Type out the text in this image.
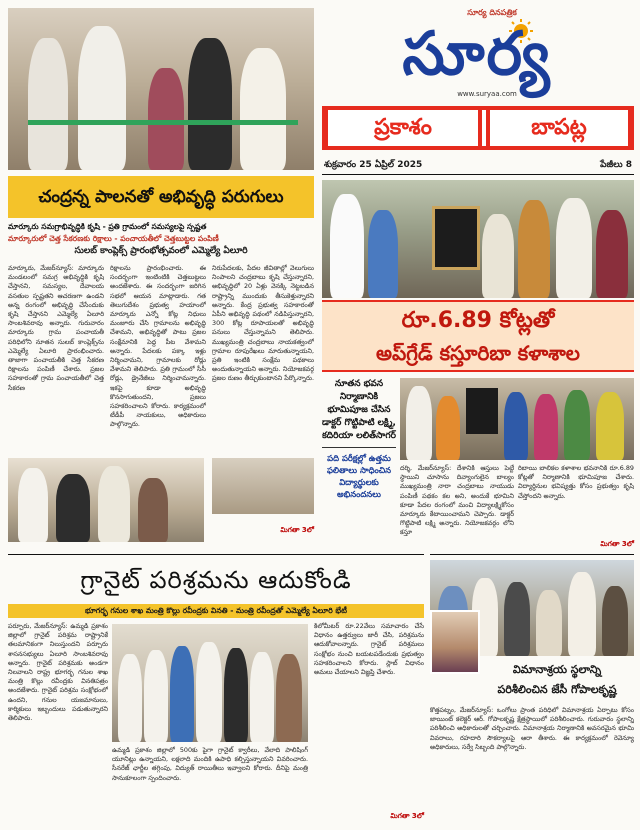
సూర్య దినపత్రిక
సూర్య
www.suryaa.com
ప్రకాశం	బాపట్ల
శుక్రవారం 25 ఏప్రిల్ 2025	పేజీలు 8
చంద్రన్న పాలనతో అభివృద్ధి పరుగులు
మార్కూరు సమగ్రాభివృద్ధికి కృషి - ప్రతి గ్రామంలో సమస్యలపై స్పష్టత
మార్కూరులో చెత్త సేకరణకు రిక్షాలు - పంచాయతీలో చెత్తబుట్టల పంపిణీ
సులబ్ కాంప్లెక్స్ ప్రారంభోత్సవంలో ఎమ్మెల్యే ఏలూరి
మార్కూరు, మేజర్‌న్యూస్: మార్కూరు మండలంలో సమగ్ర అభివృద్ధికి కృషి చేస్తానని, సమస్యల, దేవాలయ వసతుల స్పష్టతని ఆచరణగా ఉండని అన్న రంగంలో అభివృద్ధి చేసేందుకు కృషి చేస్తానని ఎమ్మెల్యే ఏలూరి సాంబశివరావు అన్నారు. గురువారం మార్కూరు గ్రామ పంచాయతీ పరిధిలోని నూతన సులబ్ కాంప్లెక్స్‌ను ఎమ్మెల్యే ఏలూరి ప్రారంభించారు. తాజాగా పంచాయతీకి చెత్త సేకరణ రిక్షాలను పంపిణీ చేశారు. ప్రజల సహకారంతో గ్రామ పంచాయతీలో చెత్త సేకరణ
రిక్షాలను ప్రారంభించారు. ఈ సందర్భంగా ఇంటింటికి చెత్తబుట్టలు అందజేశారు. ఈ సందర్భంగా జరిగిన సభలో ఆయన మాట్లాడారు. గత తెలుగుదేశం ప్రభుత్వ హయాంలో మార్కూరు ఎన్నో కోట్ల నిధులు మంజూరు చేసి గ్రామాలను అభివృద్ధి చేశామని, అభివృద్ధితో పాటు ప్రజల సంక్షేమానికి పెద్ద పీట వేశామని అన్నారు. పేదలకు పక్కా ఇళ్లు నిర్మించామని, గ్రామాలకు రోడ్లు వేశామని తెలిపారు. ప్రతి గ్రామంలో సీసీ రోడ్లు, డ్రైనేజీలు నిర్మించామన్నారు. ఇకపై కూడా అభివృద్ధి కొనసాగుతుందని, ప్రజలు సహకరించాలని కోరారు. కార్యక్రమంలో టీడీపీ నాయకులు, అధికారులు పాల్గొన్నారు.
నిరుపేదలకు, పేదల జీవితాల్లో వెలుగులు నింపాలని చంద్రబాబు కృషి చేస్తున్నారని, అభివృద్ధిలో 20 ఏళ్లు వెనక్కి నెట్టబడిన రాష్ట్రాన్ని ముందుకు తీసుకెళ్తున్నారని అన్నారు. కేంద్ర ప్రభుత్వ సహకారంతో ఏపీని అభివృద్ధి పథంలో నడిపిస్తున్నారని, 300 కోట్ల రూపాయలతో అభివృద్ధి పనులు చేస్తున్నామని తెలిపారు. ముఖ్యమంత్రి చంద్రబాబు నాయకత్వంలో గ్రామాల రూపురేఖలు మారుతున్నాయని, ప్రతి ఇంటికి సంక్షేమ పథకాలు అందుతున్నాయని అన్నారు. నియోజకవర్గ ప్రజల రుణం తీర్చుకుంటానని పేర్కొన్నారు.
మిగతా 3లో
రూ.6.89 కోట్లతో
అప్‌గ్రేడ్ కస్తూరిబా కళాశాల
నూతన భవన నిర్మాణానికి భూమిపూజ చేసిన డాక్టర్ గొట్టిపాటి లక్ష్మి, కదిరియా లలిత్‌సాగర్
పది పరీక్షల్లో ఉత్తమ ఫలితాలు సాధించిన విద్యార్థులకు అభినందనలు
దర్శి, మేజర్‌న్యూస్: దేశానికి ఆస్తులు పెట్టే స్థాయిని చూసాను దివ్యాంగులైన బాల్యం ముఖ్యమంత్రి నారా చంద్రబాబు నాయుడు పంపిణీ పథకం కల అని, అందుకే భూమిని కూడా పేదల రంగంలో మంచి విద్యాలక్ష్మికోసం మార్కూరు కేటాయించామని చెప్పారు. డాక్టర్ గొట్టిపాటి లక్ష్మి అన్నారు. నియోజకవర్గం లోని కస్తూ
రిబాయి బాలికల కళాశాల భవనానికి రూ.6.89 కోట్లతో నిర్మాణానికి భూమిపూజ చేశారు. విద్యార్థినుల భవిష్యత్తు కోసం ప్రభుత్వం కృషి చేస్తోందని అన్నారు.
మిగతా 3లో
గ్రానైట్ పరిశ్రమను ఆదుకోండి
భూగర్భ గనుల శాఖ మంత్రి కొల్లు రవీంద్రకు వినతి - మంత్రి రవీంద్రతో ఎమ్మెల్యే ఏలూరి భేటీ
పర్చూరు, మేజర్‌న్యూస్: ఉమ్మడి ప్రకాశం జిల్లాలో గ్రానైట్ పరిశ్రమ రాష్ట్రానికే తలమానికంగా నిలుస్తుందని పర్చూరు శాసనసభ్యులు ఏలూరి సాంబశివరావు అన్నారు. గ్రానైట్ పరిశ్రమకు అండగా నిలవాలని రాష్ట్ర భూగర్భ గనుల శాఖ మంత్రి కొల్లు రవీంద్రకు వినతిపత్రం అందజేశారు. గ్రానైట్ పరిశ్రమ సంక్షోభంలో ఉందని, గనుల యజమానులు, కార్మికులు ఇబ్బందులు పడుతున్నారని తెలిపారు.
ఉమ్మడి ప్రకాశం జిల్లాలో 500కు పైగా గ్రానైట్ క్వారీలు, వేలాది పాలిషింగ్ యూనిట్లు ఉన్నాయని, లక్షలాది మందికి ఉపాధి కల్పిస్తున్నాయని వివరించారు. సీనరేజ్ ఛార్జీల తగ్గింపు, విద్యుత్ రాయితీలు ఇవ్వాలని కోరారు. దీనిపై మంత్రి సానుకూలంగా స్పందించారు.
కిలోమీటర్ రూ.22వేలు సమాచారం చేసే విధానం ఉత్తర్వులు జారీ చేసి, పరిశ్రమను ఆదుకోవాలన్నారు. గ్రానైట్ పరిశ్రమలు సంక్షోభం నుంచి బయటపడేందుకు ప్రభుత్వం సహకరించాలని కోరారు. స్లాబ్ విధానం అమలు చేయాలని విజ్ఞప్తి చేశారు.
మిగతా 3లో
విమానాశ్రయ స్థలాన్ని
పరిశీలించిన జేసీ గోపాలకృష్ణ
కొత్తపట్నం, మేజర్‌న్యూస్: ఒంగోలు ప్రాంత పరిధిలో విమానాశ్రయ ఏర్పాటు కోసం జాయింట్ కలెక్టర్ ఆర్. గోపాలకృష్ణ క్షేత్రస్థాయిలో పరిశీలించారు. గురువారం స్థలాన్ని పరిశీలించి అధికారులతో చర్చించారు. విమానాశ్రయ నిర్మాణానికి అవసరమైన భూమి వివరాలు, రహదారి సౌకర్యాలపై ఆరా తీశారు. ఈ కార్యక్రమంలో రెవెన్యూ అధికారులు, సర్వే సిబ్బంది పాల్గొన్నారు.
